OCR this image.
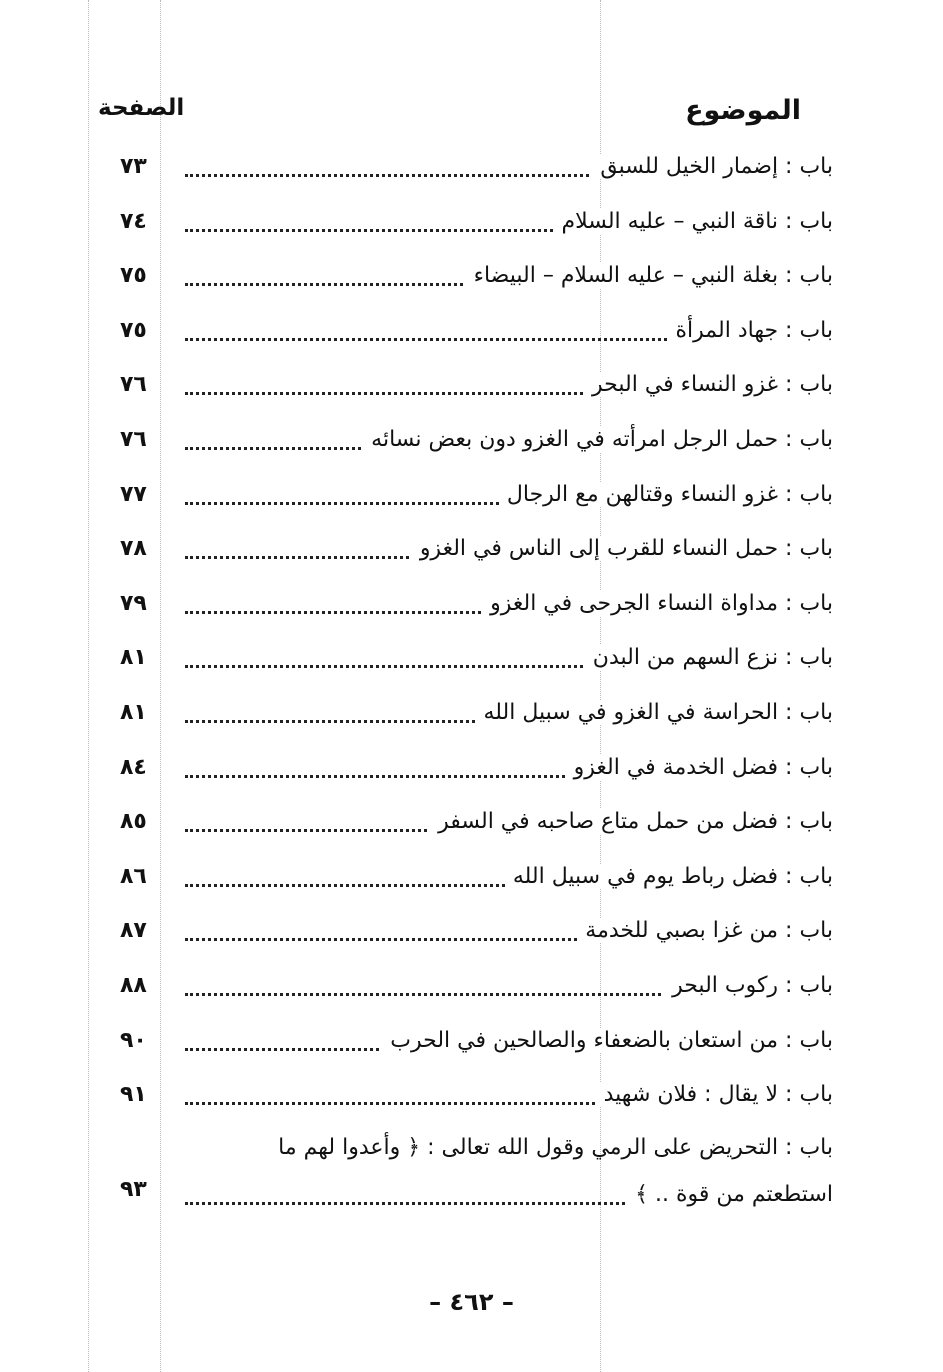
الموضوع
الصفحة
باب : إضمار الخيل للسبق
٧٣
باب : ناقة النبي – عليه السلام
٧٤
باب : بغلة النبي – عليه السلام – البيضاء
٧٥
باب : جهاد المرأة
٧٥
باب : غزو النساء في البحر
٧٦
باب : حمل الرجل امرأته في الغزو دون بعض نسائه
٧٦
باب : غزو النساء وقتالهن مع الرجال
٧٧
باب : حمل النساء للقرب إلى الناس في الغزو
٧٨
باب : مداواة النساء الجرحى في الغزو
٧٩
باب : نزع السهم من البدن
٨١
باب : الحراسة في الغزو في سبيل الله
٨١
باب : فضل الخدمة في الغزو
٨٤
باب : فضل من حمل متاع صاحبه في السفر
٨٥
باب : فضل رباط يوم في سبيل الله
٨٦
باب : من غزا بصبي للخدمة
٨٧
باب : ركوب البحر
٨٨
باب : من استعان بالضعفاء والصالحين في الحرب
٩٠
باب : لا يقال : فلان شهيد
٩١
باب : التحريض على الرمي وقول الله تعالى : ﴿ وأعدوا لهم ما
استطعتم من قوة .. ﴾
٩٣
– ٤٦٢ –
